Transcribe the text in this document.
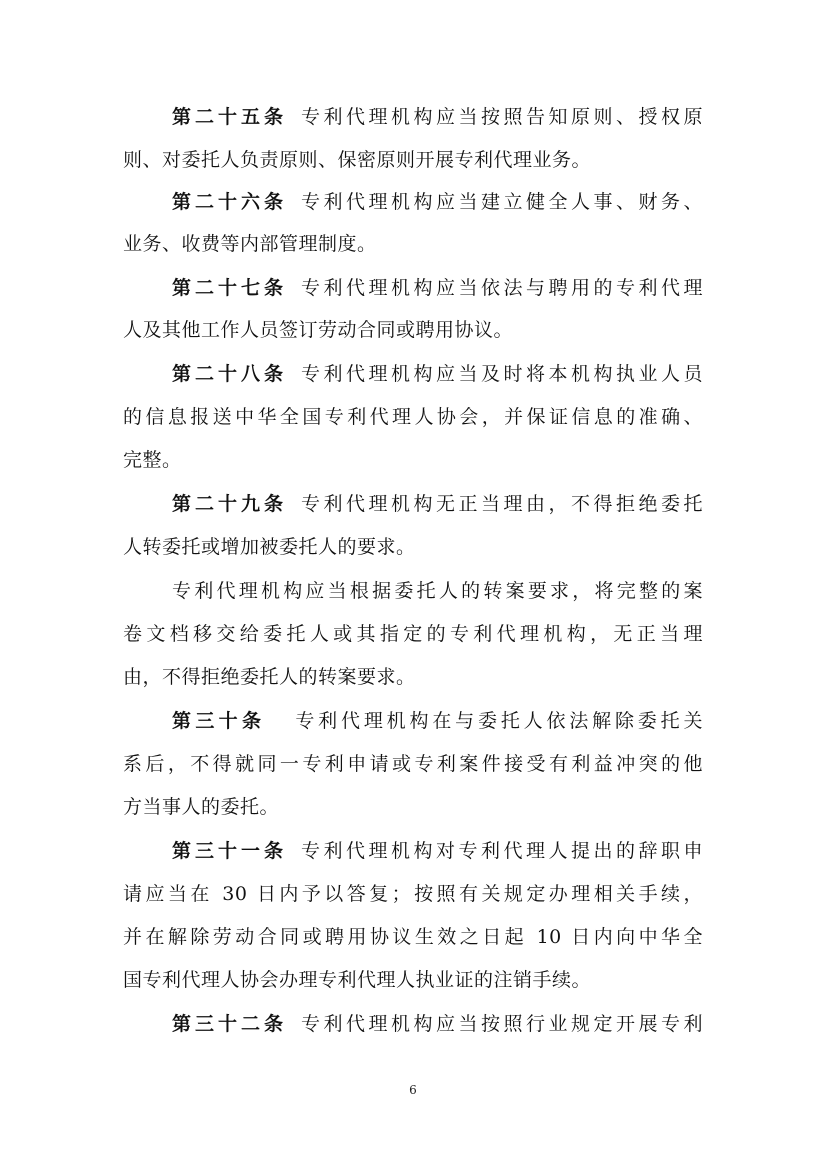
第二十五条 专利代理机构应当按照告知原则、授权原
则、对委托人负责原则、保密原则开展专利代理业务。
第二十六条 专利代理机构应当建立健全人事、财务、
业务、收费等内部管理制度。
第二十七条 专利代理机构应当依法与聘用的专利代理
人及其他工作人员签订劳动合同或聘用协议。
第二十八条 专利代理机构应当及时将本机构执业人员
的信息报送中华全国专利代理人协会，并保证信息的准确、
完整。
第二十九条 专利代理机构无正当理由，不得拒绝委托
人转委托或增加被委托人的要求。
专利代理机构应当根据委托人的转案要求，将完整的案
卷文档移交给委托人或其指定的专利代理机构，无正当理
由，不得拒绝委托人的转案要求。
第三十条 专利代理机构在与委托人依法解除委托关
系后，不得就同一专利申请或专利案件接受有利益冲突的他
方当事人的委托。
第三十一条 专利代理机构对专利代理人提出的辞职申
请应当在 30 日内予以答复；按照有关规定办理相关手续，
并在解除劳动合同或聘用协议生效之日起 10 日内向中华全
国专利代理人协会办理专利代理人执业证的注销手续。
第三十二条 专利代理机构应当按照行业规定开展专利
6
